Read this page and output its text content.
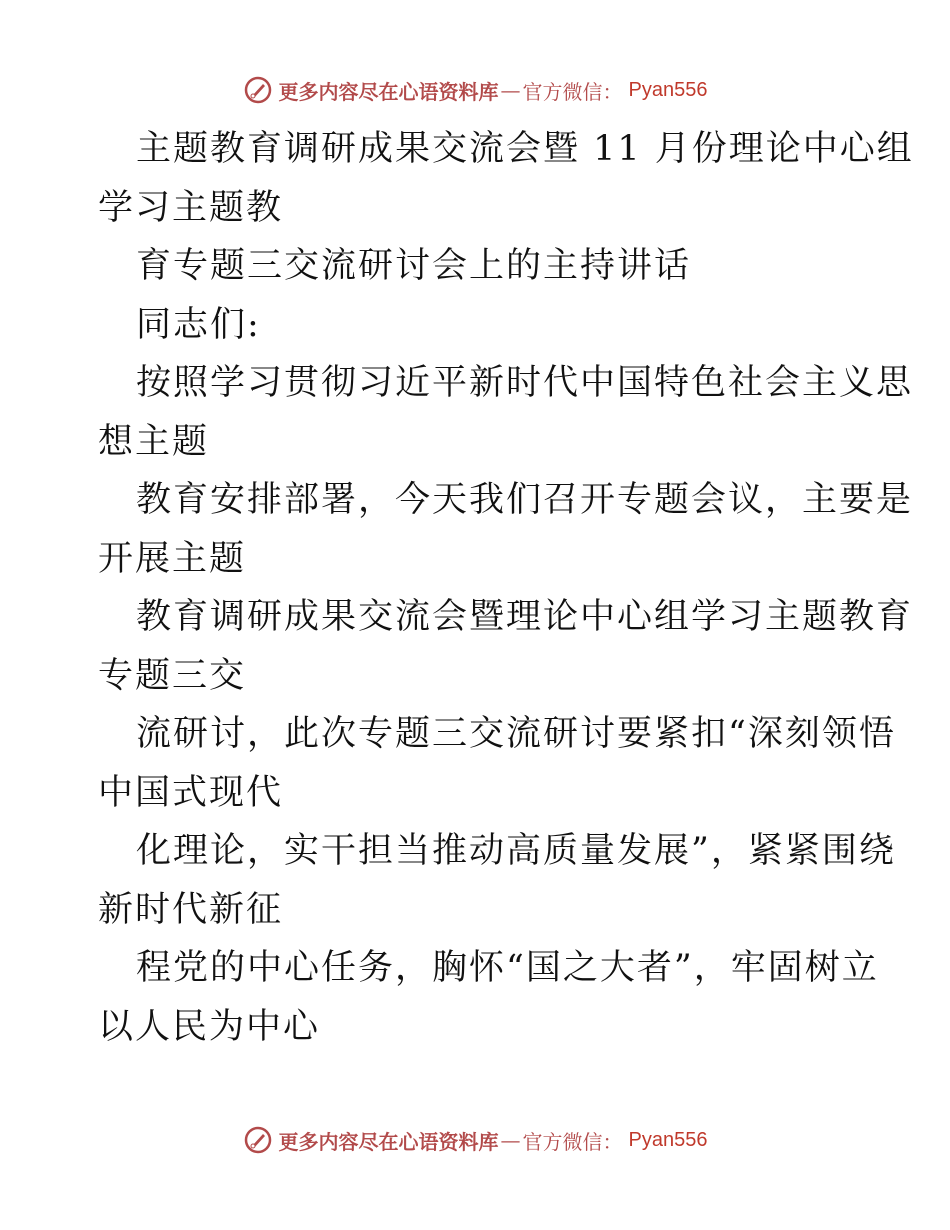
更多内容尽在心语资料库 — 官方微信： Pyan556
主题教育调研成果交流会暨 11 月份理论中心组
学习主题教
育专题三交流研讨会上的主持讲话
同志们:
按照学习贯彻习近平新时代中国特色社会主义思
想主题
教育安排部署，今天我们召开专题会议，主要是
开展主题
教育调研成果交流会暨理论中心组学习主题教育
专题三交
流研讨，此次专题三交流研讨要紧扣“深刻领悟
中国式现代
化理论，实干担当推动高质量发展”，紧紧围绕
新时代新征
程党的中心任务，胸怀“国之大者”，牢固树立
以人民为中心
更多内容尽在心语资料库 — 官方微信： Pyan556
